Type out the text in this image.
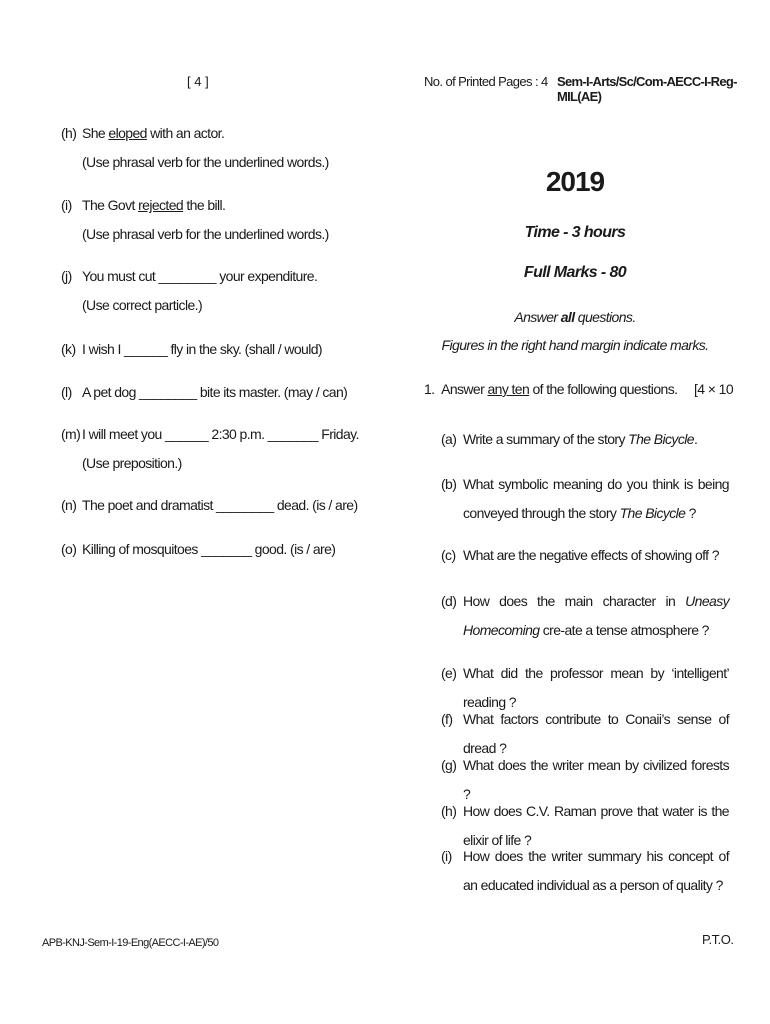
[ 4 ]	No. of Printed Pages : 4 Sem-I-Arts/Sc/Com-AECC-I-Reg-MIL(AE)
(h) She eloped with an actor.
(Use phrasal verb for the underlined words.)
(i) The Govt rejected the bill.
(Use phrasal verb for the underlined words.)
(j) You must cut ________ your expenditure.
(Use correct particle.)
(k) I wish I ______ fly in the sky. (shall / would)
(l) A pet dog ________ bite its master. (may / can)
(m) I will meet you ______ 2:30 p.m. _______ Friday.
(Use preposition.)
(n) The poet and dramatist ________ dead. (is / are)
(o) Killing of mosquitoes _______ good. (is / are)
2019
Time - 3 hours
Full Marks - 80
Answer all questions.
Figures in the right hand margin indicate marks.
1. Answer any ten of the following questions. [4 × 10
(a) Write a summary of the story The Bicycle.
(b) What symbolic meaning do you think is being conveyed through the story The Bicycle ?
(c) What are the negative effects of showing off ?
(d) How does the main character in Uneasy Homecoming cre-ate a tense atmosphere ?
(e) What did the professor mean by ‘intelligent’ reading ?
(f) What factors contribute to Conaii’s sense of dread ?
(g) What does the writer mean by civilized forests ?
(h) How does C.V. Raman prove that water is the elixir of life ?
(i) How does the writer summary his concept of an educated individual as a person of quality ?
APB-KNJ-Sem-I-19-Eng(AECC-I-AE)/50	P.T.O.
